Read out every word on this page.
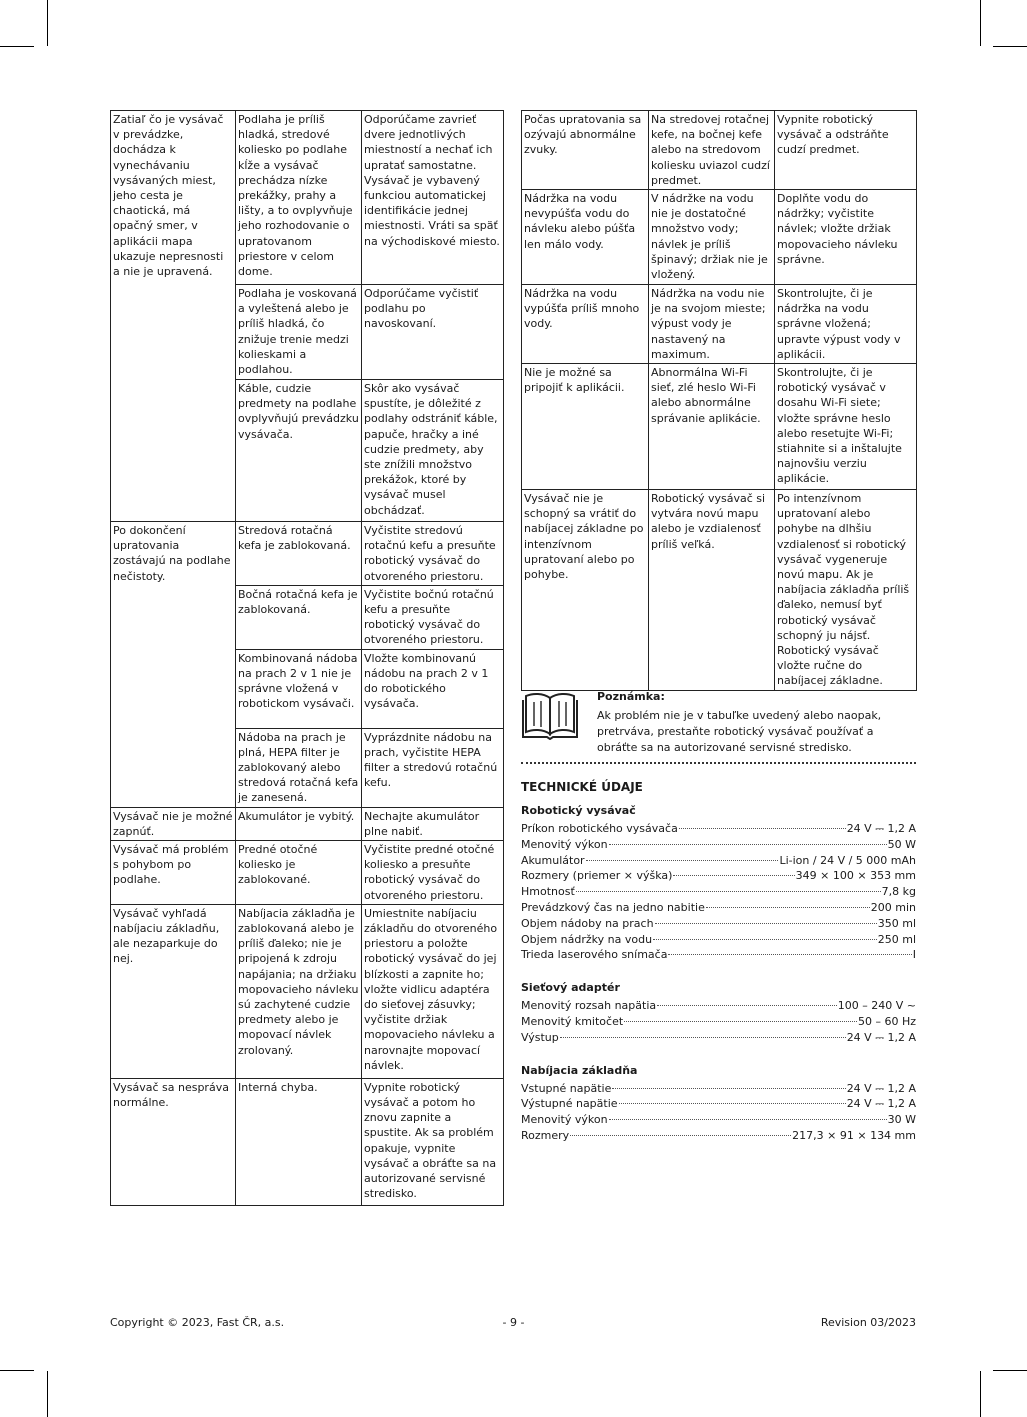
Zatiaľ čo je vysávač v prevádzke, dochádza k vynechávaniu vysávaných miest, jeho cesta je chaotická, má opačný smer, v aplikácii mapa ukazuje nepresnosti a nie je upravená.	Podlaha je príliš hladká, stredové koliesko po podlahe kĺže a vysávač prechádza nízke prekážky, prahy a lišty, a to ovplyvňuje jeho rozhodovanie o upratovanom priestore v celom dome.	Odporúčame zavrieť dvere jednotlivých miestností a nechať ich upratať samostatne. Vysávač je vybavený funkciou automatickej identifikácie jednej miestnosti. Vráti sa späť na východiskové miesto.
	Podlaha je voskovaná a vyleštená alebo je príliš hladká, čo znižuje trenie medzi kolieskami a podlahou.	Odporúčame vyčistiť podlahu po navoskovaní.
	Káble, cudzie predmety na podlahe ovplyvňujú prevádzku vysávača.	Skôr ako vysávač spustíte, je dôležité z podlahy odstrániť káble, papuče, hračky a iné cudzie predmety, aby ste znížili množstvo prekážok, ktoré by vysávač musel obchádzať.
Po dokončení upratovania zostávajú na podlahe nečistoty.	Stredová rotačná kefa je zablokovaná.	Vyčistite stredovú rotačnú kefu a presuňte robotický vysávač do otvoreného priestoru.
	Bočná rotačná kefa je zablokovaná.	Vyčistite bočnú rotačnú kefu a presuňte robotický vysávač do otvoreného priestoru.
	Kombinovaná nádoba na prach 2 v 1 nie je správne vložená v robotickom vysávači.	Vložte kombinovanú nádobu na prach 2 v 1 do robotického vysávača.
	Nádoba na prach je plná, HEPA filter je zablokovaný alebo stredová rotačná kefa je zanesená.	Vyprázdnite nádobu na prach, vyčistite HEPA filter a stredovú rotačnú kefu.
Vysávač nie je možné zapnúť.	Akumulátor je vybitý.	Nechajte akumulátor plne nabiť.
Vysávač má problém s pohybom po podlahe.	Predné otočné koliesko je zablokované.	Vyčistite predné otočné koliesko a presuňte robotický vysávač do otvoreného priestoru.
Vysávač vyhľadá nabíjaciu základňu, ale nezaparkuje do nej.	Nabíjacia základňa je zablokovaná alebo je príliš ďaleko; nie je pripojená k zdroju napájania; na držiaku mopovacieho návleku sú zachytené cudzie predmety alebo je mopovací návlek zrolovaný.	Umiestnite nabíjaciu základňu do otvoreného priestoru a položte robotický vysávač do jej blízkosti a zapnite ho; vložte vidlicu adaptéra do sieťovej zásuvky; vyčistite držiak mopovacieho návleku a narovnajte mopovací návlek.
Vysávač sa nespráva normálne.	Interná chyba.	Vypnite robotický vysávač a potom ho znovu zapnite a spustite. Ak sa problém opakuje, vypnite vysávač a obráťte sa na autorizované servisné stredisko.
Počas upratovania sa ozývajú abnormálne zvuky.	Na stredovej rotačnej kefe, na bočnej kefe alebo na stredovom koliesku uviazol cudzí predmet.	Vypnite robotický vysávač a odstráňte cudzí predmet.
Nádržka na vodu nevypúšťa vodu do návleku alebo púšťa len málo vody.	V nádržke na vodu nie je dostatočné množstvo vody; návlek je príliš špinavý; držiak nie je vložený.	Doplňte vodu do nádržky; vyčistite návlek; vložte držiak mopovacieho návleku správne.
Nádržka na vodu vypúšťa príliš mnoho vody.	Nádržka na vodu nie je na svojom mieste; výpust vody je nastavený na maximum.	Skontrolujte, či je nádržka na vodu správne vložená; upravte výpust vody v aplikácii.
Nie je možné sa pripojiť k aplikácii.	Abnormálna Wi-Fi sieť, zlé heslo Wi-Fi alebo abnormálne správanie aplikácie.	Skontrolujte, či je robotický vysávač v dosahu Wi-Fi siete; vložte správne heslo alebo resetujte Wi-Fi; stiahnite si a inštalujte najnovšiu verziu aplikácie.
Vysávač nie je schopný sa vrátiť do nabíjacej základne po intenzívnom upratovaní alebo po pohybe.	Robotický vysávač si vytvára novú mapu alebo je vzdialenosť príliš veľká.	Po intenzívnom upratovaní alebo pohybe na dlhšiu vzdialenosť si robotický vysávač vygeneruje novú mapu. Ak je nabíjacia základňa príliš ďaleko, nemusí byť robotický vysávač schopný ju nájsť. Robotický vysávač vložte ručne do nabíjacej základne.
Poznámka:
Ak problém nie je v tabuľke uvedený alebo naopak, pretrváva, prestaňte robotický vysávač používať a obráťte sa na autorizované servisné stredisko.
TECHNICKÉ ÚDAJE
Robotický vysávač
Príkon robotického vysávača	24 V ⎓ 1,2 A
Menovitý výkon	50 W
Akumulátor	Li-ion / 24 V / 5 000 mAh
Rozmery (priemer × výška)	349 × 100 × 353 mm
Hmotnosť	7,8 kg
Prevádzkový čas na jedno nabitie	200 min
Objem nádoby na prach	350 ml
Objem nádržky na vodu	250 ml
Trieda laserového snímača	I
Sieťový adaptér
Menovitý rozsah napätia	100 – 240 V ~
Menovitý kmitočet	50 – 60 Hz
Výstup	24 V ⎓ 1,2 A
Nabíjacia základňa
Vstupné napätie	24 V ⎓ 1,2 A
Výstupné napätie	24 V ⎓ 1,2 A
Menovitý výkon	30 W
Rozmery	217,3 × 91 × 134 mm
Copyright © 2023, Fast ČR, a.s.	- 9 -	Revision 03/2023
